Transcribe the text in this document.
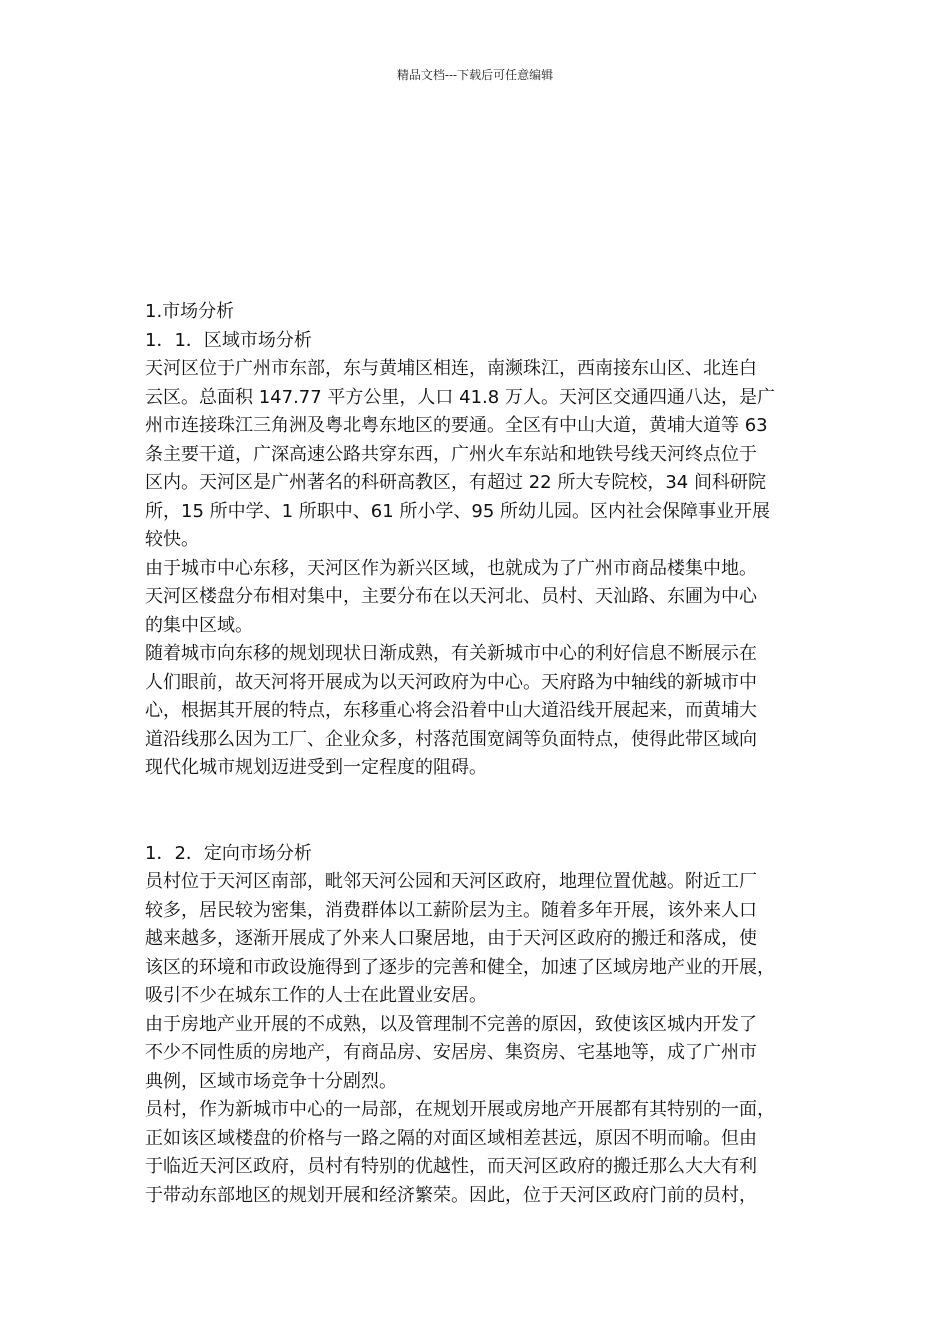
精品文档---下载后可任意编辑
1.市场分析
1．1．区域市场分析
天河区位于广州市东部，东与黄埔区相连，南濒珠江，西南接东山区、北连白
云区。总面积 147.77 平方公里，人口 41.8 万人。天河区交通四通八达，是广
州市连接珠江三角洲及粤北粤东地区的要通。全区有中山大道，黄埔大道等 63
条主要干道，广深高速公路共穿东西，广州火车东站和地铁号线天河终点位于
区内。天河区是广州著名的科研高教区，有超过 22 所大专院校，34 间科研院
所，15 所中学、1 所职中、61 所小学、95 所幼儿园。区内社会保障事业开展
较快。
由于城市中心东移，天河区作为新兴区域，也就成为了广州市商品楼集中地。
天河区楼盘分布相对集中，主要分布在以天河北、员村、天汕路、东圃为中心
的集中区域。
随着城市向东移的规划现状日渐成熟，有关新城市中心的利好信息不断展示在
人们眼前，故天河将开展成为以天河政府为中心。天府路为中轴线的新城市中
心，根据其开展的特点，东移重心将会沿着中山大道沿线开展起来，而黄埔大
道沿线那么因为工厂、企业众多，村落范围宽阔等负面特点，使得此带区域向
现代化城市规划迈进受到一定程度的阻碍。
1．2．定向市场分析
员村位于天河区南部，毗邻天河公园和天河区政府，地理位置优越。附近工厂
较多，居民较为密集，消费群体以工薪阶层为主。随着多年开展，该外来人口
越来越多，逐渐开展成了外来人口聚居地，由于天河区政府的搬迁和落成，使
该区的环境和市政设施得到了逐步的完善和健全，加速了区域房地产业的开展，
吸引不少在城东工作的人士在此置业安居。
由于房地产业开展的不成熟，以及管理制不完善的原因，致使该区城内开发了
不少不同性质的房地产，有商品房、安居房、集资房、宅基地等，成了广州市
典例，区域市场竞争十分剧烈。
员村，作为新城市中心的一局部，在规划开展或房地产开展都有其特别的一面，
正如该区域楼盘的价格与一路之隔的对面区域相差甚远，原因不明而喻。但由
于临近天河区政府，员村有特别的优越性，而天河区政府的搬迁那么大大有利
于带动东部地区的规划开展和经济繁荣。因此，位于天河区政府门前的员村，
